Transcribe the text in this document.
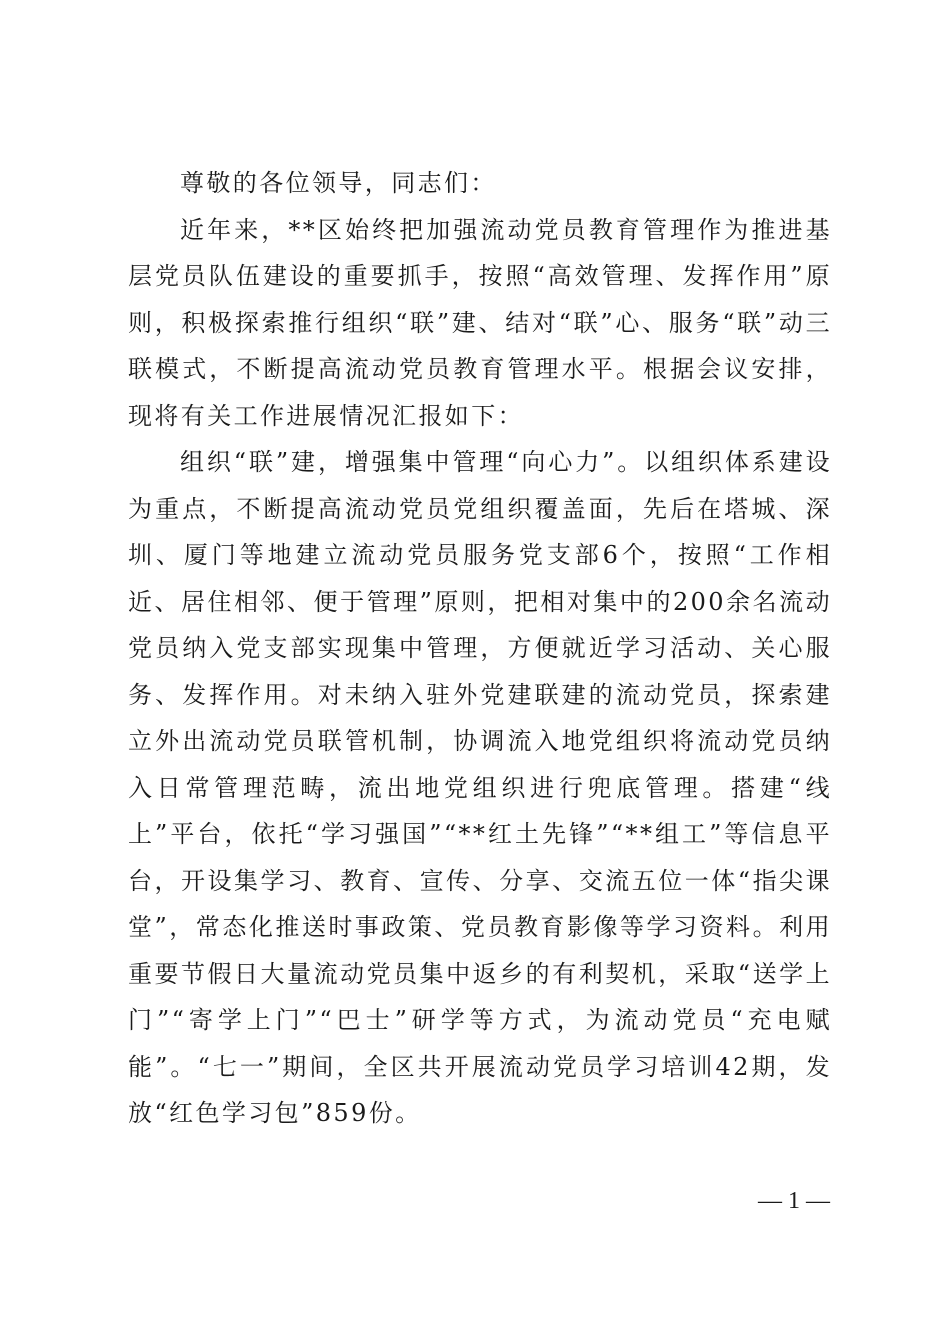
尊敬的各位领导，同志们：

近年来，**区始终把加强流动党员教育管理作为推进基层党员队伍建设的重要抓手，按照“高效管理、发挥作用”原则，积极探索推行组织“联”建、结对“联”心、服务“联”动三联模式，不断提高流动党员教育管理水平。根据会议安排，现将有关工作进展情况汇报如下：

组织“联”建，增强集中管理“向心力”。以组织体系建设为重点，不断提高流动党员党组织覆盖面，先后在塔城、深圳、厦门等地建立流动党员服务党支部6个，按照“工作相近、居住相邻、便于管理”原则，把相对集中的200余名流动党员纳入党支部实现集中管理，方便就近学习活动、关心服务、发挥作用。对未纳入驻外党建联建的流动党员，探索建立外出流动党员联管机制，协调流入地党组织将流动党员纳入日常管理范畴，流出地党组织进行兜底管理。搭建“线上”平台，依托“学习强国”“**红土先锋”“**组工”等信息平台，开设集学习、教育、宣传、分享、交流五位一体“指尖课堂”，常态化推送时事政策、党员教育影像等学习资料。利用重要节假日大量流动党员集中返乡的有利契机，采取“送学上门”“寄学上门”“巴士”研学等方式，为流动党员“充电赋能”。“七一”期间，全区共开展流动党员学习培训42期，发放“红色学习包”859份。

— 1 —
